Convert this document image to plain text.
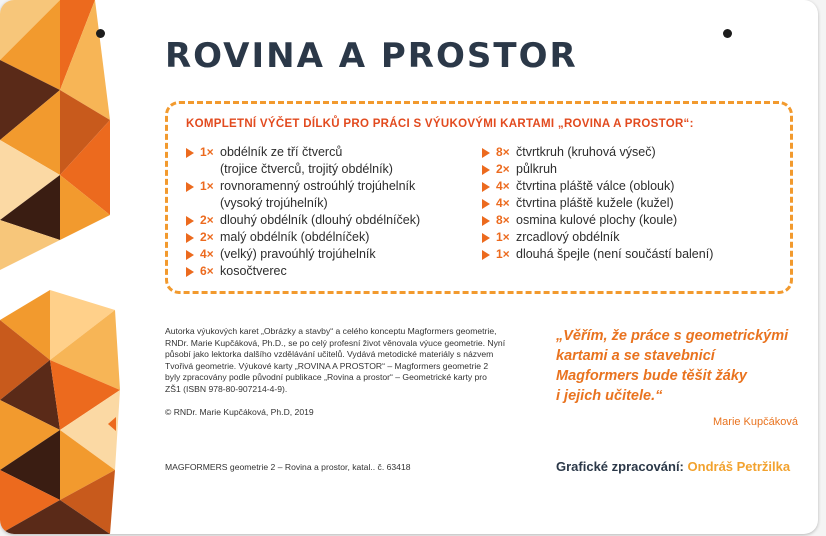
ROVINA A PROSTOR
KOMPLETNÍ VÝČET DÍLKŮ PRO PRÁCI S VÝUKOVÝMI KARTAMI „ROVINA A PROSTOR“:
1× obdélník ze tří čtverců
(trojice čtverců, trojitý obdélník)
1× rovnoramenný ostroúhlý trojúhelník
(vysoký trojúhelník)
2× dlouhý obdélník (dlouhý obdélníček)
2× malý obdélník (obdélníček)
4× (velký) pravoúhlý trojúhelník
6× kosočtverec
8× čtvrtkruh (kruhová výseč)
2× půlkruh
4× čtvrtina pláště válce (oblouk)
4× čtvrtina pláště kužele (kužel)
8× osmina kulové plochy (koule)
1× zrcadlový obdélník
1× dlouhá špejle (není součástí balení)
Autorka výukových karet „Obrázky a stavby“ a celého konceptu Magformers geometrie,
RNDr. Marie Kupčáková, Ph.D., se po celý profesní život věnovala výuce geometrie. Nyní
působí jako lektorka dalšího vzdělávání učitelů. Vydává metodické materiály s názvem
Tvořivá geometrie. Výukové karty „ROVINA A PROSTOR“ – Magformers geometrie 2
byly zpracovány podle původní publikace „Rovina a prostor“ – Geometrické karty pro
ZŠ1 (ISBN 978-80-907214-4-9).
© RNDr. Marie Kupčáková, Ph.D, 2019
„Věřím, že práce s geometrickými
kartami a se stavebnicí
Magformers bude těšit žáky
i jejich učitele.“
Marie Kupčáková
MAGFORMERS geometrie 2 – Rovina a prostor, katal.. č. 63418	Grafické zpracování: Ondráš Petržilka
